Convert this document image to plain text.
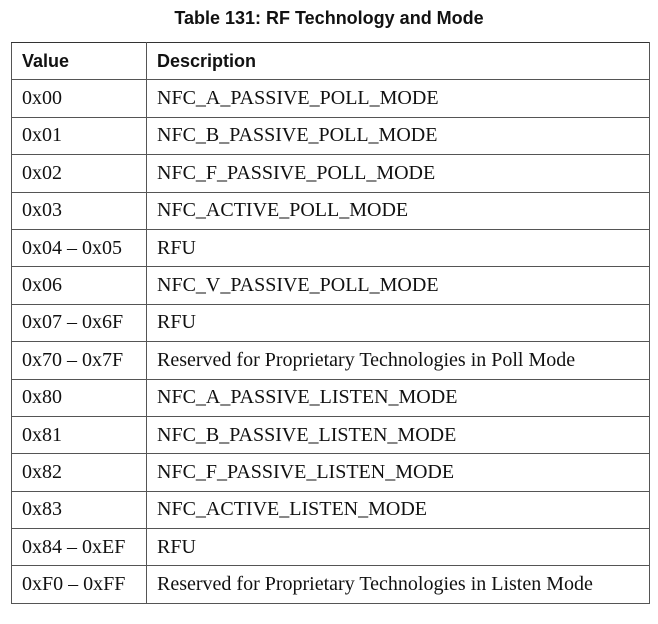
Table 131: RF Technology and Mode
Value	Description
0x00	NFC_A_PASSIVE_POLL_MODE
0x01	NFC_B_PASSIVE_POLL_MODE
0x02	NFC_F_PASSIVE_POLL_MODE
0x03	NFC_ACTIVE_POLL_MODE
0x04 – 0x05	RFU
0x06	NFC_V_PASSIVE_POLL_MODE
0x07 – 0x6F	RFU
0x70 – 0x7F	Reserved for Proprietary Technologies in Poll Mode
0x80	NFC_A_PASSIVE_LISTEN_MODE
0x81	NFC_B_PASSIVE_LISTEN_MODE
0x82	NFC_F_PASSIVE_LISTEN_MODE
0x83	NFC_ACTIVE_LISTEN_MODE
0x84 – 0xEF	RFU
0xF0 – 0xFF	Reserved for Proprietary Technologies in Listen Mode
